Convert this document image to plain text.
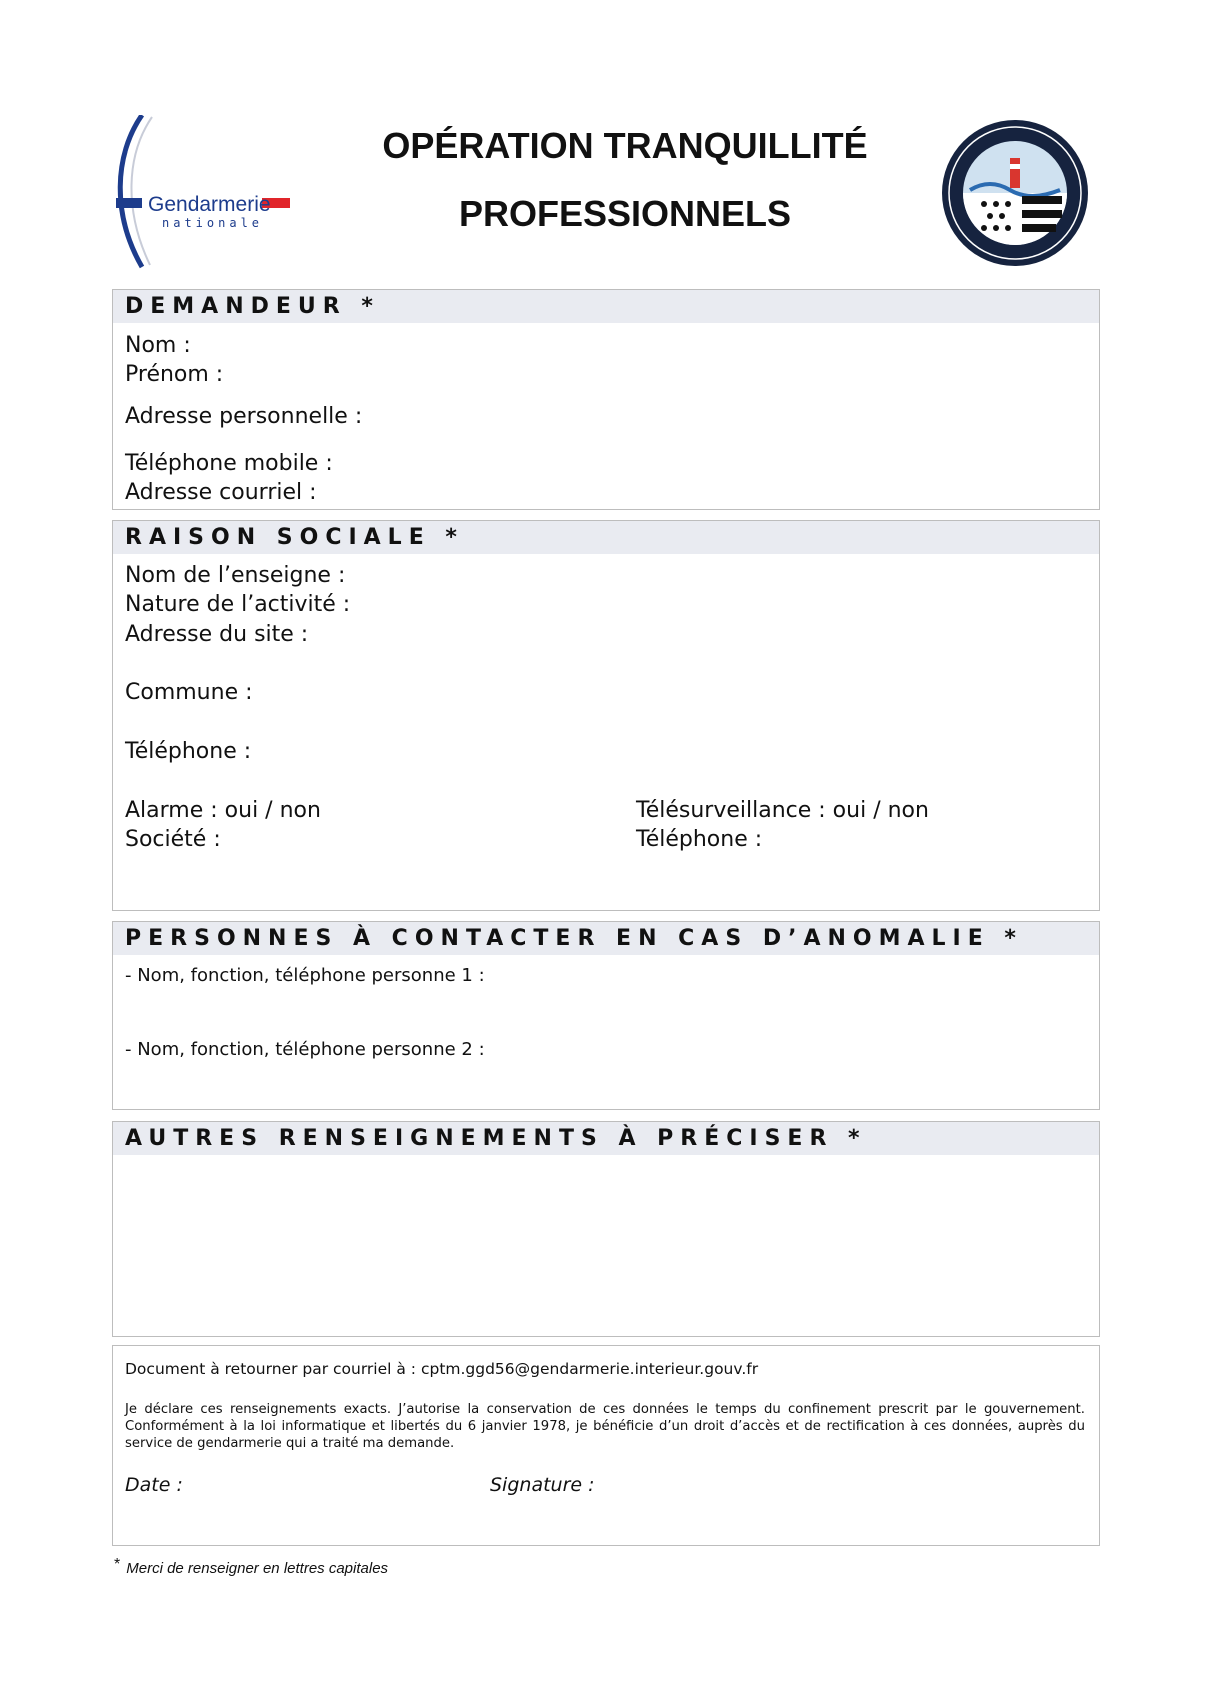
Gendarmerie
nationale
OPÉRATION TRANQUILLITÉ
PROFESSIONNELS
DEMANDEUR *
Nom :
Prénom :
Adresse personnelle :
Téléphone mobile :
Adresse courriel :
RAISON SOCIALE *
Nom de l’enseigne :
Nature de l’activité :
Adresse du site :
Commune :
Téléphone :
Alarme : oui / non
Société :
Télésurveillance : oui / non
Téléphone :
PERSONNES À CONTACTER EN CAS D’ANOMALIE *
- Nom, fonction, téléphone personne 1 :
- Nom, fonction, téléphone personne 2 :
AUTRES RENSEIGNEMENTS À PRÉCISER *
Document à retourner par courriel à : cptm.ggd56@gendarmerie.interieur.gouv.fr
Je déclare ces renseignements exacts. J’autorise la conservation de ces données le temps du confinement prescrit par le gouvernement. Conformément à la loi informatique et libertés du 6 janvier 1978, je bénéficie d’un droit d’accès et de rectification à ces données, auprès du service de gendarmerie qui a traité ma demande.
Date :	Signature :
* Merci de renseigner en lettres capitales
